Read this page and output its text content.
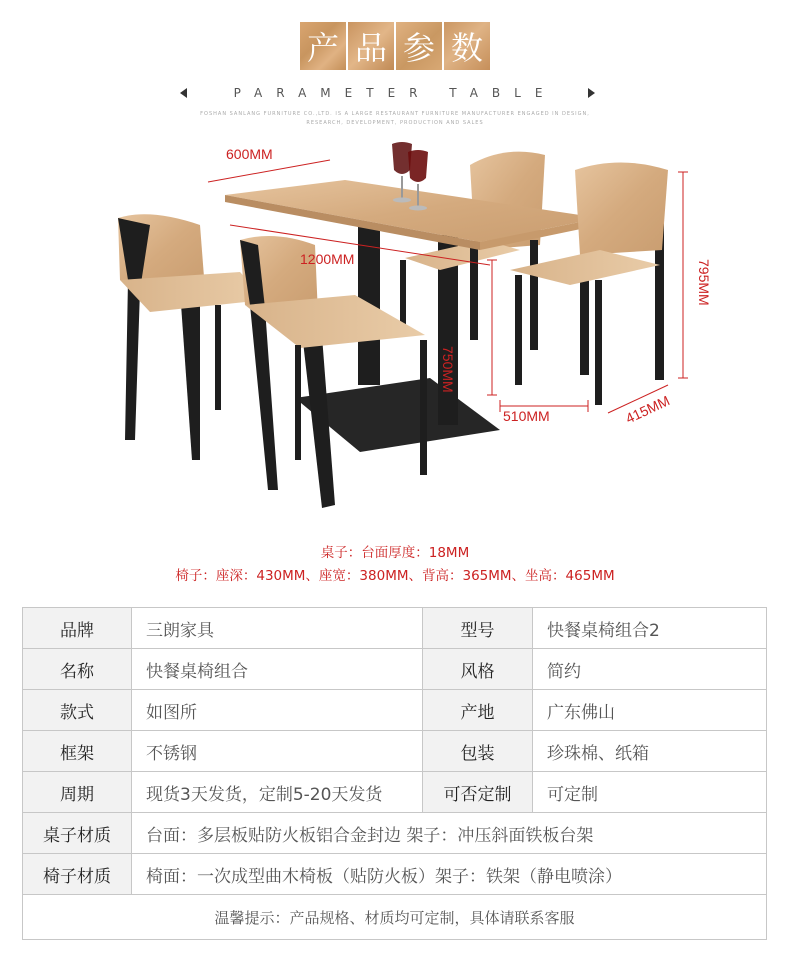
产 品 参 数
PARAMETER TABLE
FOSHAN SANLANG FURNITURE CO.,LTD. IS A LARGE RESTAURANT FURNITURE MANUFACTURER ENGAGED IN DESIGN,
RESEARCH, DEVELOPMENT, PRODUCTION AND SALES
600MM
1200MM
750MM
795MM
510MM	415MM
桌子：台面厚度：18MM
椅子：座深：430MM、座宽：380MM、背高：365MM、坐高：465MM
品牌	三朗家具	型号	快餐桌椅组合2
名称	快餐桌椅组合	风格	简约
款式	如图所	产地	广东佛山
框架	不锈钢	包装	珍珠棉、纸箱
周期	现货3天发货，定制5-20天发货	可否定制	可定制
桌子材质	台面：多层板贴防火板铝合金封边 架子：冲压斜面铁板台架		
椅子材质	椅面：一次成型曲木椅板（贴防火板）架子：铁架（静电喷涂）		
温馨提示：产品规格、材质均可定制，具体请联系客服			
